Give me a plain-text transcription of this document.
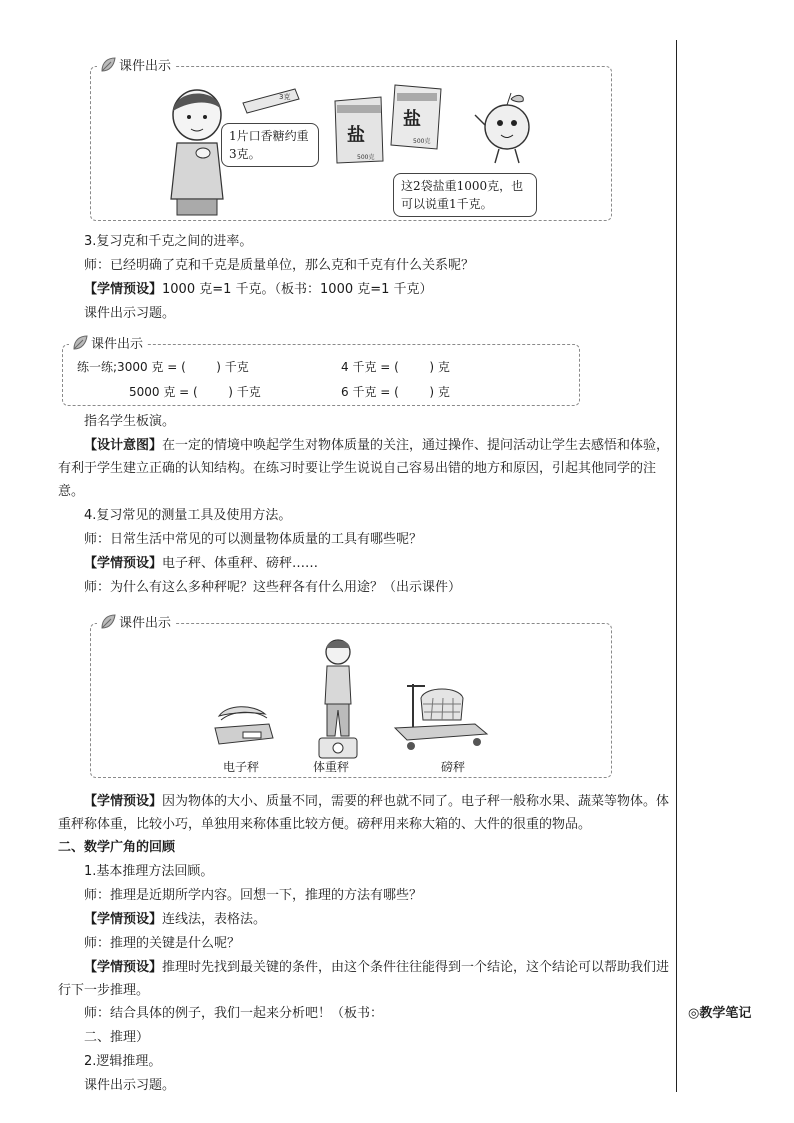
◎教学笔记
课件出示
3克
1片口香糖约重3克。
盐
500克
盐
500克
这2袋盐重1000克，也可以说重1千克。
3.复习克和千克之间的进率。
师：已经明确了克和千克是质量单位，那么克和千克有什么关系呢？
【学情预设】1000 克=1 千克。（板书：1000 克=1 千克）
课件出示习题。
课件出示
练一练;3000 克 = (        ) 千克	4 千克 = (        ) 克
5000 克 = (        ) 千克	6 千克 = (        ) 克
指名学生板演。
【设计意图】在一定的情境中唤起学生对物体质量的关注，通过操作、提问活动让学生去感悟和体验，有利于学生建立正确的认知结构。在练习时要让学生说说自己容易出错的地方和原因，引起其他同学的注意。
4.复习常见的测量工具及使用方法。
师：日常生活中常见的可以测量物体质量的工具有哪些呢？
【学情预设】电子秤、体重秤、磅秤……
师：为什么有这么多种秤呢？这些秤各有什么用途？（出示课件）
课件出示
电子秤	体重秤	磅秤
【学情预设】因为物体的大小、质量不同，需要的秤也就不同了。电子秤一般称水果、蔬菜等物体。体重秤称体重，比较小巧，单独用来称体重比较方便。磅秤用来称大箱的、大件的很重的物品。
二、数学广角的回顾
1.基本推理方法回顾。
师：推理是近期所学内容。回想一下，推理的方法有哪些？
【学情预设】连线法，表格法。
师：推理的关键是什么呢？
【学情预设】推理时先找到最关键的条件，由这个条件往往能得到一个结论，这个结论可以帮助我们进行下一步推理。
师：结合具体的例子，我们一起来分析吧！（板书：
二、推理）
2.逻辑推理。
课件出示习题。
